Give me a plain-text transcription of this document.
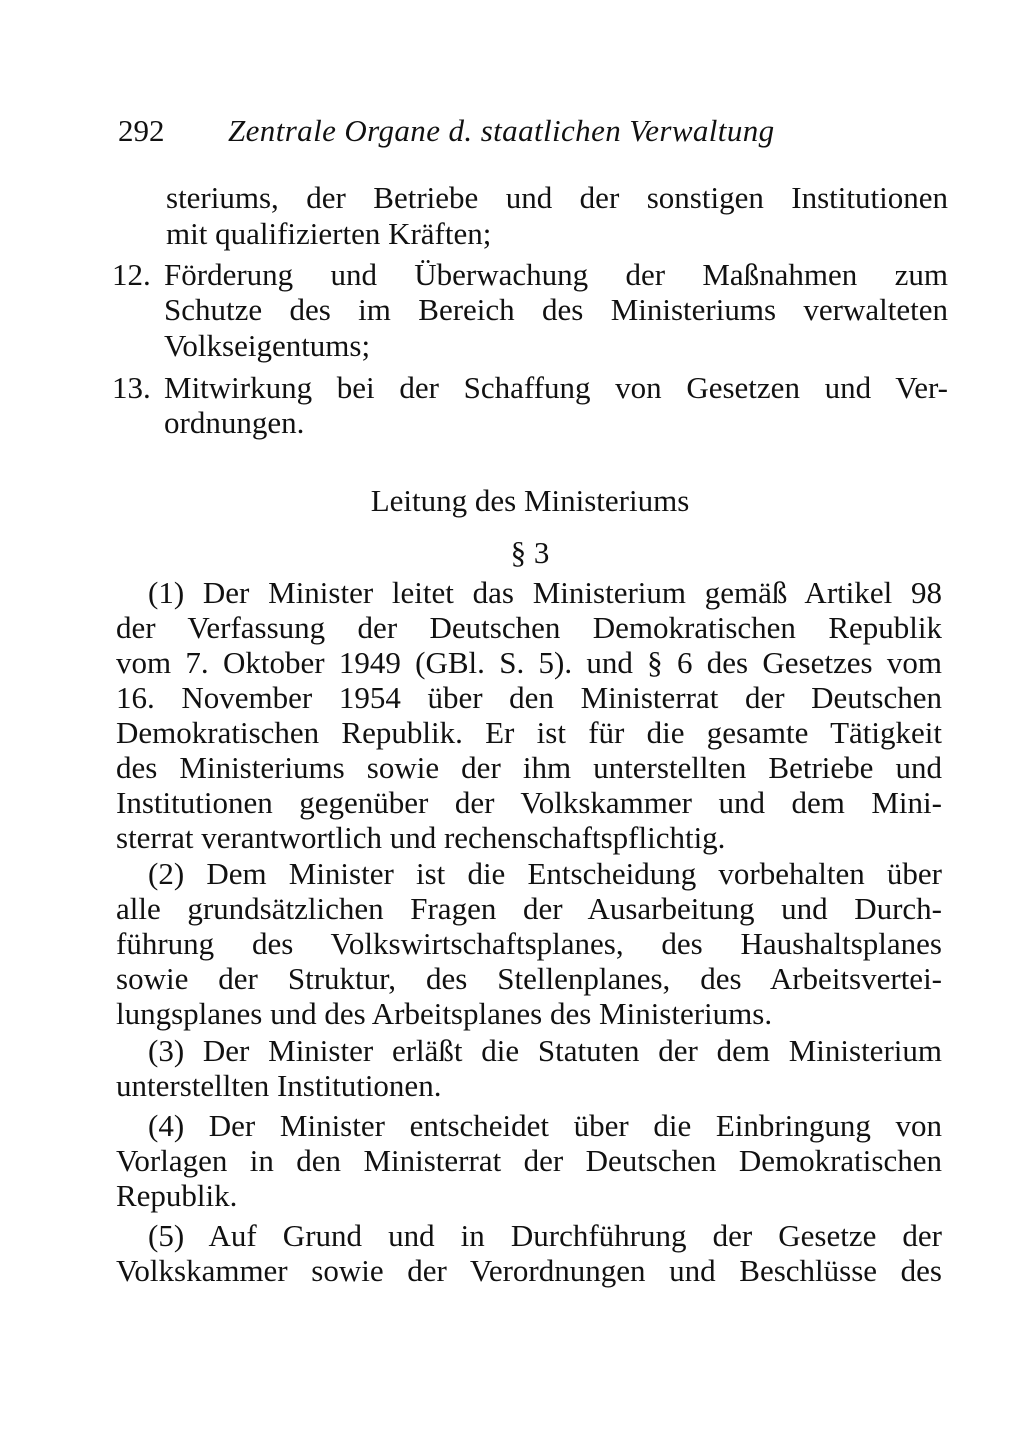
292 Zentrale Organe d. staatlichen Verwaltung
steriums, der Betriebe und der sonstigen Institutionen
mit qualifizierten Kräften;
12. Förderung und Überwachung der Maßnahmen zum
Schutze des im Bereich des Ministeriums verwalteten
Volkseigentums;
13. Mitwirkung bei der Schaffung von Gesetzen und Ver-
ordnungen.
Leitung des Ministeriums
§ 3
(1) Der Minister leitet das Ministerium gemäß Artikel 98
der Verfassung der Deutschen Demokratischen Republik
vom 7. Oktober 1949 (GBl. S. 5). und § 6 des Gesetzes vom
16. November 1954 über den Ministerrat der Deutschen
Demokratischen Republik. Er ist für die gesamte Tätigkeit
des Ministeriums sowie der ihm unterstellten Betriebe und
Institutionen gegenüber der Volkskammer und dem Mini-
sterrat verantwortlich und rechenschaftspflichtig.
(2) Dem Minister ist die Entscheidung vorbehalten über
alle grundsätzlichen Fragen der Ausarbeitung und Durch-
führung des Volkswirtschaftsplanes, des Haushaltsplanes
sowie der Struktur, des Stellenplanes, des Arbeitsvertei-
lungsplanes und des Arbeitsplanes des Ministeriums.
(3) Der Minister erläßt die Statuten der dem Ministerium
unterstellten Institutionen.
(4) Der Minister entscheidet über die Einbringung von
Vorlagen in den Ministerrat der Deutschen Demokratischen
Republik.
(5) Auf Grund und in Durchführung der Gesetze der
Volkskammer sowie der Verordnungen und Beschlüsse des
